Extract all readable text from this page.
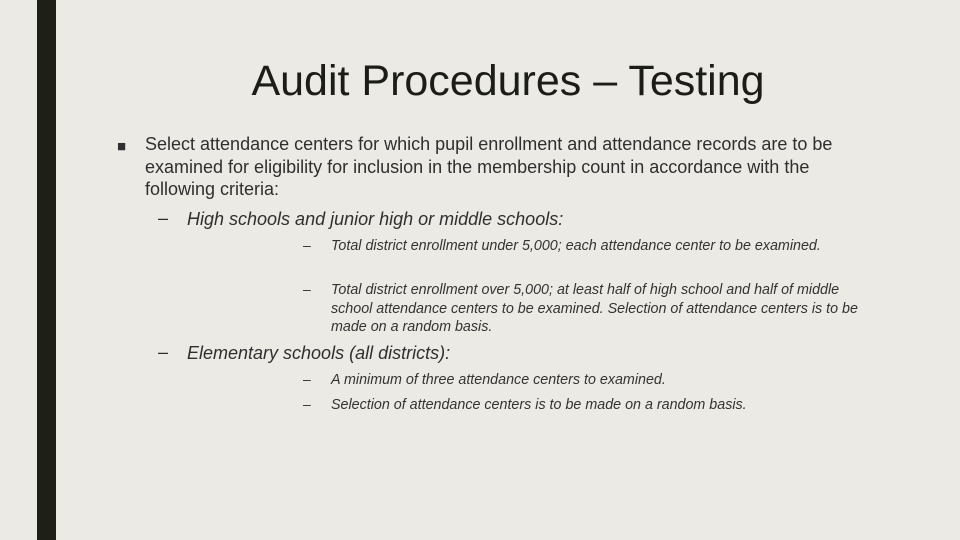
Audit Procedures – Testing
■ Select attendance centers for which pupil enrollment and attendance records are to be examined for eligibility for inclusion in the membership count in accordance with the following criteria:
– High schools and junior high or middle schools:
– Total district enrollment under 5,000; each attendance center to be examined.
– Total district enrollment over 5,000; at least half of high school and half of middle school attendance centers to be examined. Selection of attendance centers is to be made on a random basis.
– Elementary schools (all districts):
– A minimum of three attendance centers to examined.
– Selection of attendance centers is to be made on a random basis.
